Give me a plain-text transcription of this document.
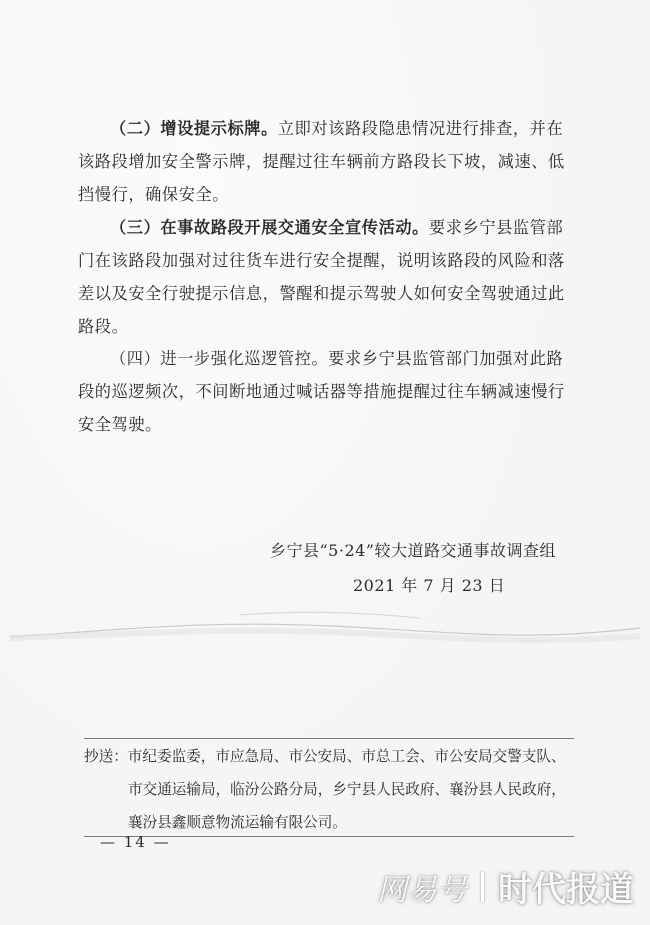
（二）增设提示标牌。立即对该路段隐患情况进行排查，并在该路段增加安全警示牌，提醒过往车辆前方路段长下坡，减速、低挡慢行，确保安全。

（三）在事故路段开展交通安全宣传活动。要求乡宁县监管部门在该路段加强对过往货车进行安全提醒，说明该路段的风险和落差以及安全行驶提示信息，警醒和提示驾驶人如何安全驾驶通过此路段。

（四）进一步强化巡逻管控。要求乡宁县监管部门加强对此路段的巡逻频次，不间断地通过喊话器等措施提醒过往车辆减速慢行安全驾驶。

乡宁县“5·24”较大道路交通事故调查组
2021 年 7 月 23 日
抄送：市纪委监委，市应急局、市公安局、市总工会、市公安局交警支队、
市交通运输局，临汾公路分局，乡宁县人民政府、襄汾县人民政府，
襄汾县鑫顺意物流运输有限公司。
— 14 —
网易号 时代报道
